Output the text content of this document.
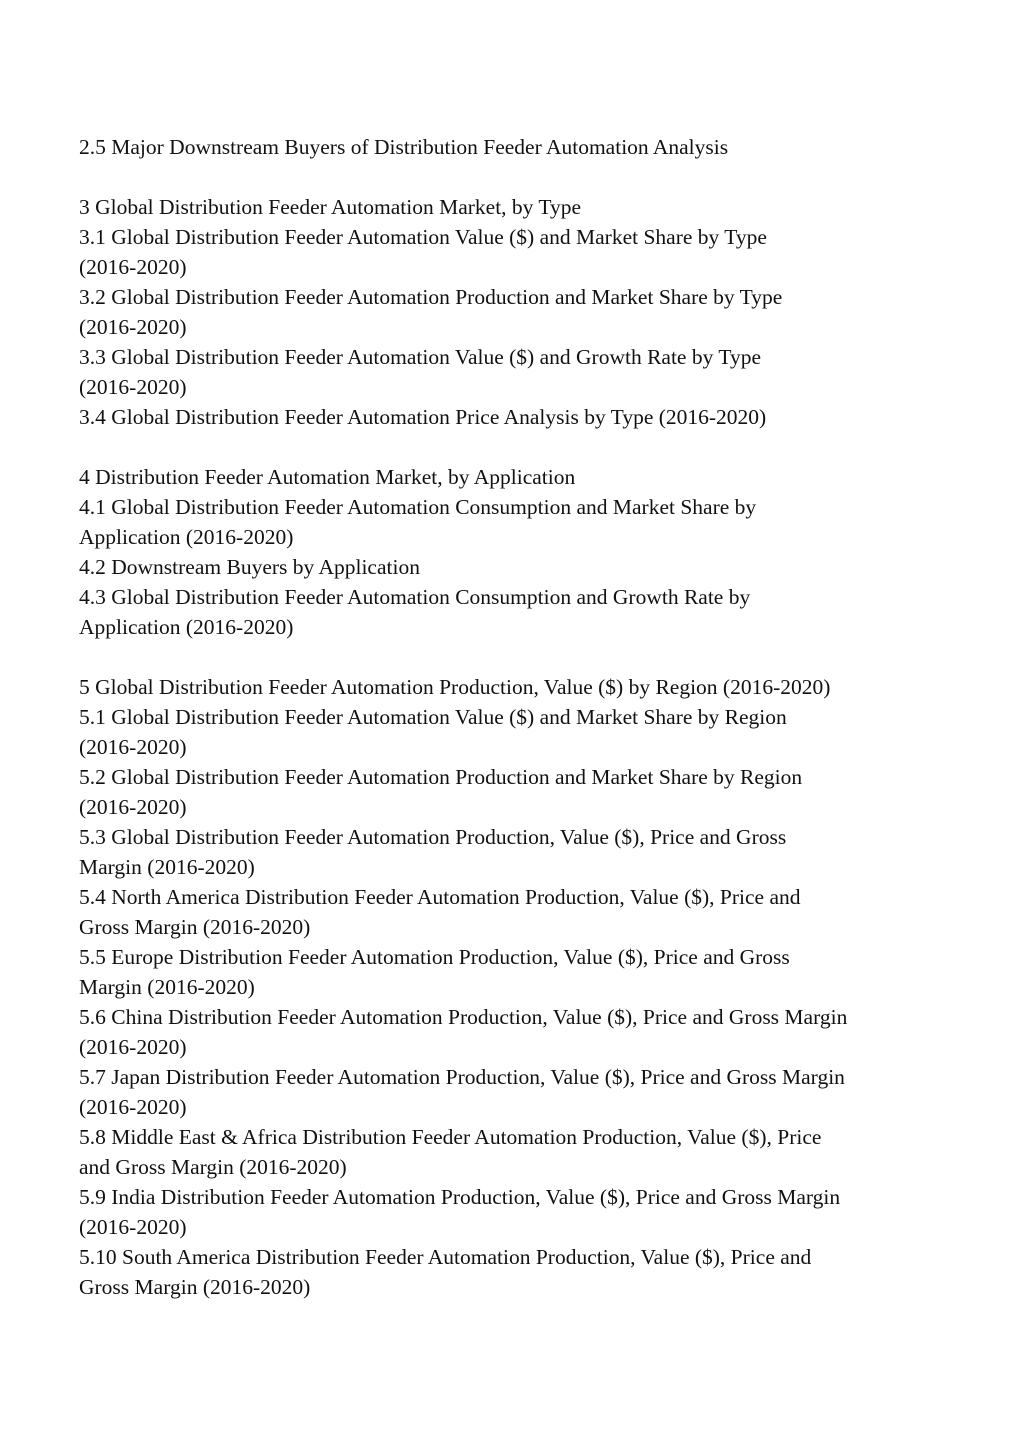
2.5 Major Downstream Buyers of Distribution Feeder Automation Analysis
3 Global Distribution Feeder Automation Market, by Type
3.1 Global Distribution Feeder Automation Value ($) and Market Share by Type
(2016-2020)
3.2 Global Distribution Feeder Automation Production and Market Share by Type
(2016-2020)
3.3 Global Distribution Feeder Automation Value ($) and Growth Rate by Type
(2016-2020)
3.4 Global Distribution Feeder Automation Price Analysis by Type (2016-2020)
4 Distribution Feeder Automation Market, by Application
4.1 Global Distribution Feeder Automation Consumption and Market Share by
Application (2016-2020)
4.2 Downstream Buyers by Application
4.3 Global Distribution Feeder Automation Consumption and Growth Rate by
Application (2016-2020)
5 Global Distribution Feeder Automation Production, Value ($) by Region (2016-2020)
5.1 Global Distribution Feeder Automation Value ($) and Market Share by Region
(2016-2020)
5.2 Global Distribution Feeder Automation Production and Market Share by Region
(2016-2020)
5.3 Global Distribution Feeder Automation Production, Value ($), Price and Gross
Margin (2016-2020)
5.4 North America Distribution Feeder Automation Production, Value ($), Price and
Gross Margin (2016-2020)
5.5 Europe Distribution Feeder Automation Production, Value ($), Price and Gross
Margin (2016-2020)
5.6 China Distribution Feeder Automation Production, Value ($), Price and Gross Margin
(2016-2020)
5.7 Japan Distribution Feeder Automation Production, Value ($), Price and Gross Margin
(2016-2020)
5.8 Middle East & Africa Distribution Feeder Automation Production, Value ($), Price
and Gross Margin (2016-2020)
5.9 India Distribution Feeder Automation Production, Value ($), Price and Gross Margin
(2016-2020)
5.10 South America Distribution Feeder Automation Production, Value ($), Price and
Gross Margin (2016-2020)
